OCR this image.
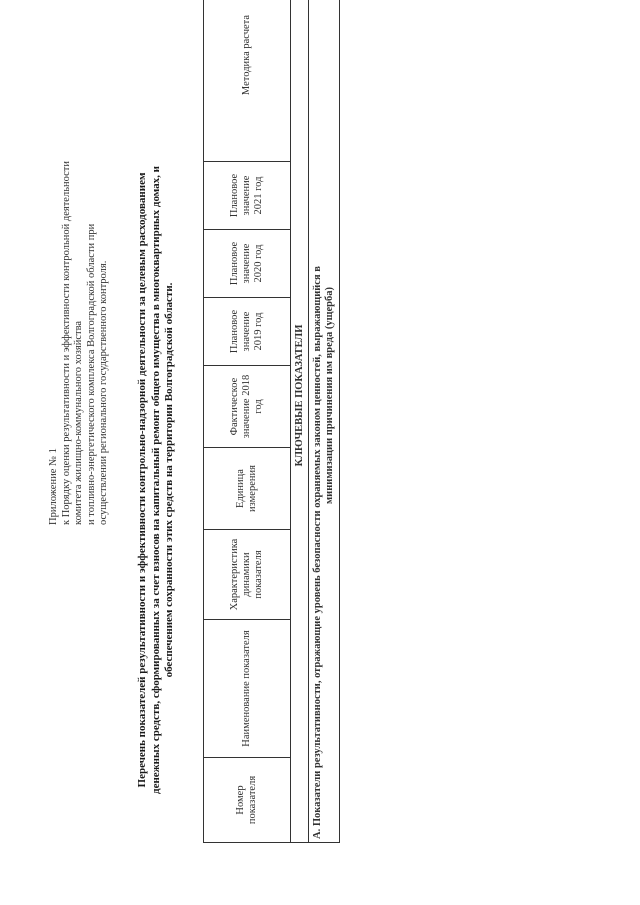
Приложение № 1 к Порядку оценки результативности и эффективности контрольной деятельности комитета жилищно-коммунального хозяйства и топливно-энергетического комплекса Волгоградской области при осуществлении регионального государственного контроля. Перечень показателей результативности и эффективности контрольно-надзорной деятельности за целевым расходованием денежных средств, сформированных за счет взносов на капитальный ремонт общего имущества в многоквартирных домах, и обеспечением сохранности этих средств на территории Волгоградской области.
Номер показателя	Наименование показателя	Характеристика динамики показателя	Единица измерения	Фактическое значение 2018 год	Плановое значение 2019 год	Плановое значение 2020 год	Плановое значение 2021 год	Методика расчета
КЛЮЧЕВЫЕ ПОКАЗАТЕЛИ

А. Показатели результативности, отражающие уровень безопасности охраняемых законом ценностей, выражающийся в минимизации причинения им вреда (ущерба)
